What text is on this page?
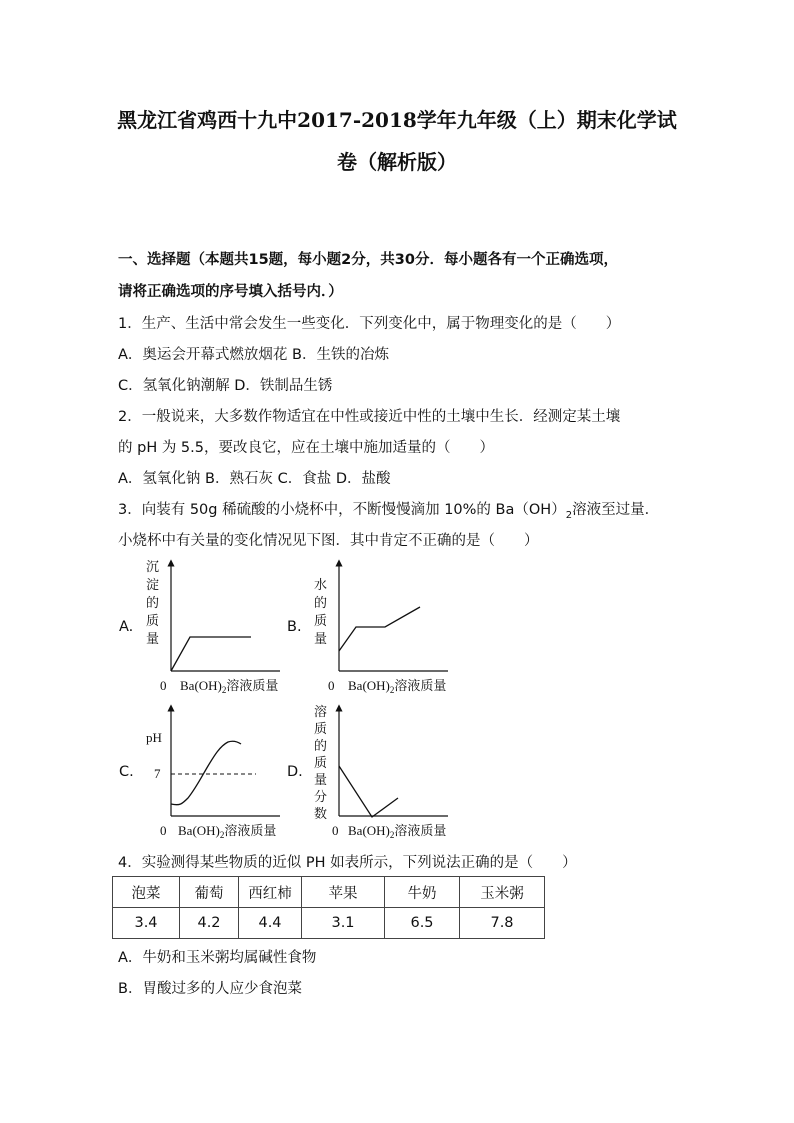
黑龙江省鸡西十九中2017-2018学年九年级（上）期末化学试
卷（解析版）
一、选择题（本题共15题，每小题2分，共30分．每小题各有一个正确选项，
请将正确选项的序号填入括号内．）
1．生产、生活中常会发生一些变化．下列变化中，属于物理变化的是（　　）
A．奥运会开幕式燃放烟花 B．生铁的冶炼
C．氢氧化钠潮解 D．铁制品生锈
2．一般说来，大多数作物适宜在中性或接近中性的土壤中生长．经测定某土壤
的 pH 为 5.5，要改良它，应在土壤中施加适量的（　　）
A．氢氧化钠 B．熟石灰 C．食盐 D．盐酸
3．向装有 50g 稀硫酸的小烧杯中，不断慢慢滴加 10%的 $Ba(OH)_2$溶液至过量．
小烧杯中有关量的变化情况见下图．其中肯定不正确的是（　　）
A.	B.
C.	D.
沉
淀
的
质
量
0 $Ba(OH)_2$溶液质量
水
的
质
量
0 $Ba(OH)_2$溶液质量
pH
7
0 $Ba(OH)_2$溶液质量
溶
质
的
质
量
分
数
0 $Ba(OH)_2$溶液质量
4．实验测得某些物质的近似 PH 如表所示，下列说法正确的是（　　）
泡菜	葡萄	西红柿	苹果	牛奶	玉米粥
3.4	4.2	4.4	3.1	6.5	7.8
A．牛奶和玉米粥均属碱性食物
B．胃酸过多的人应少食泡菜
